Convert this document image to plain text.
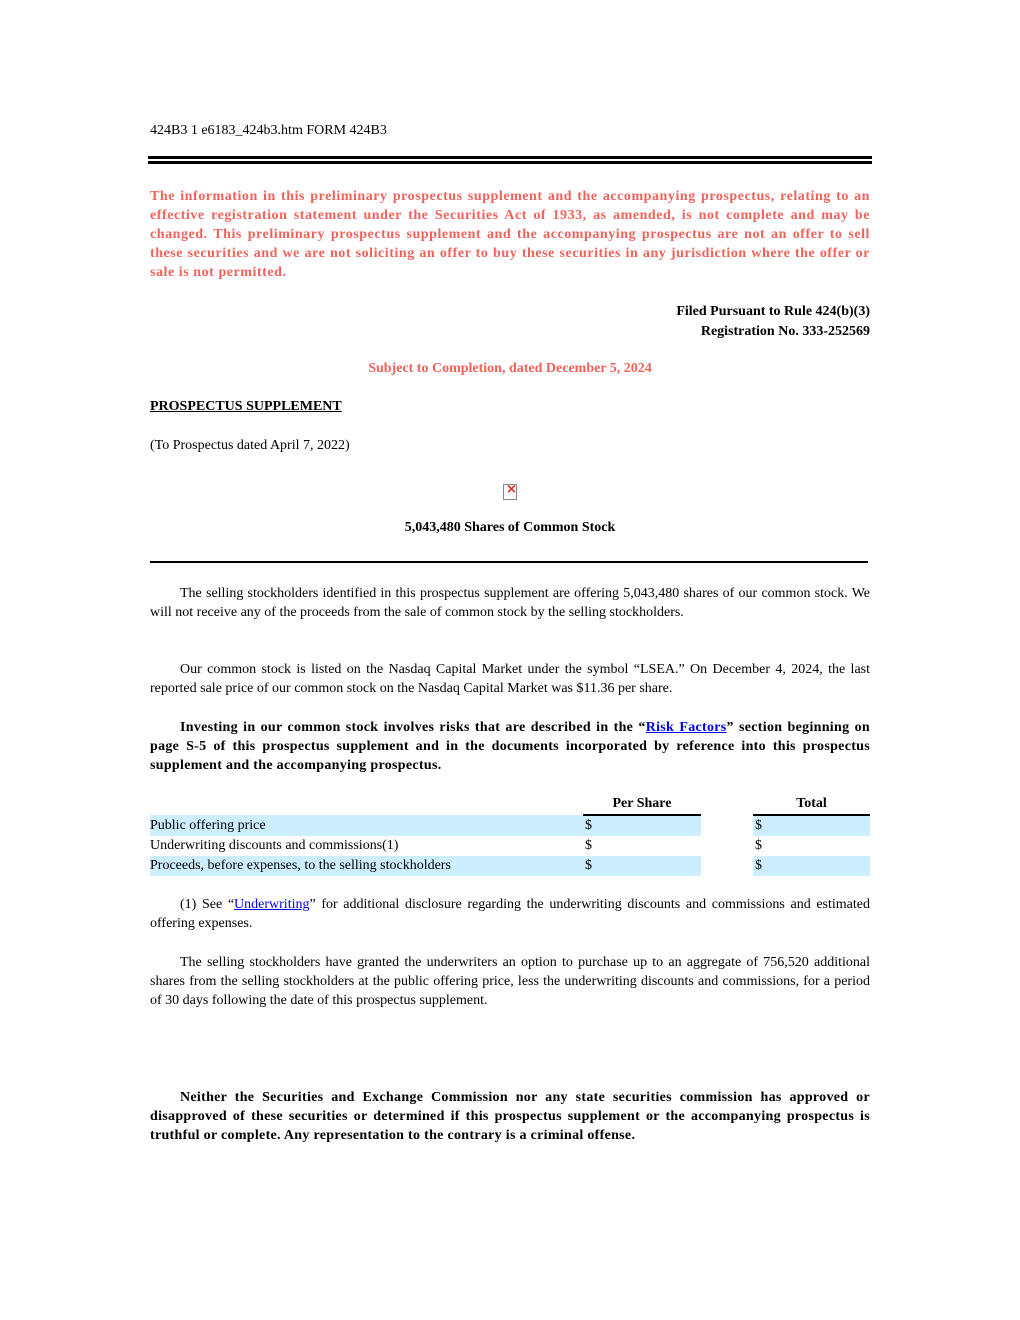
424B3 1 e6183_424b3.htm FORM 424B3
The information in this preliminary prospectus supplement and the accompanying prospectus, relating to an effective registration statement under the Securities Act of 1933, as amended, is not complete and may be changed. This preliminary prospectus supplement and the accompanying prospectus are not an offer to sell these securities and we are not soliciting an offer to buy these securities in any jurisdiction where the offer or sale is not permitted.
Filed Pursuant to Rule 424(b)(3)
Registration No. 333-252569
Subject to Completion, dated December 5, 2024
PROSPECTUS SUPPLEMENT
(To Prospectus dated April 7, 2022)
×
5,043,480 Shares of Common Stock
The selling stockholders identified in this prospectus supplement are offering 5,043,480 shares of our common stock. We will not receive any of the proceeds from the sale of common stock by the selling stockholders.
Our common stock is listed on the Nasdaq Capital Market under the symbol “LSEA.” On December 4, 2024, the last reported sale price of our common stock on the Nasdaq Capital Market was $11.36 per share.
Investing in our common stock involves risks that are described in the “Risk Factors” section beginning on page S-5 of this prospectus supplement and in the documents incorporated by reference into this prospectus supplement and the accompanying prospectus.
	Per Share		Total
Public offering price	$		$
Underwriting discounts and commissions(1)	$		$
Proceeds, before expenses, to the selling stockholders	$		$
(1) See “Underwriting” for additional disclosure regarding the underwriting discounts and commissions and estimated offering expenses.
The selling stockholders have granted the underwriters an option to purchase up to an aggregate of 756,520 additional shares from the selling stockholders at the public offering price, less the underwriting discounts and commissions, for a period of 30 days following the date of this prospectus supplement.
Neither the Securities and Exchange Commission nor any state securities commission has approved or disapproved of these securities or determined if this prospectus supplement or the accompanying prospectus is truthful or complete. Any representation to the contrary is a criminal offense.
